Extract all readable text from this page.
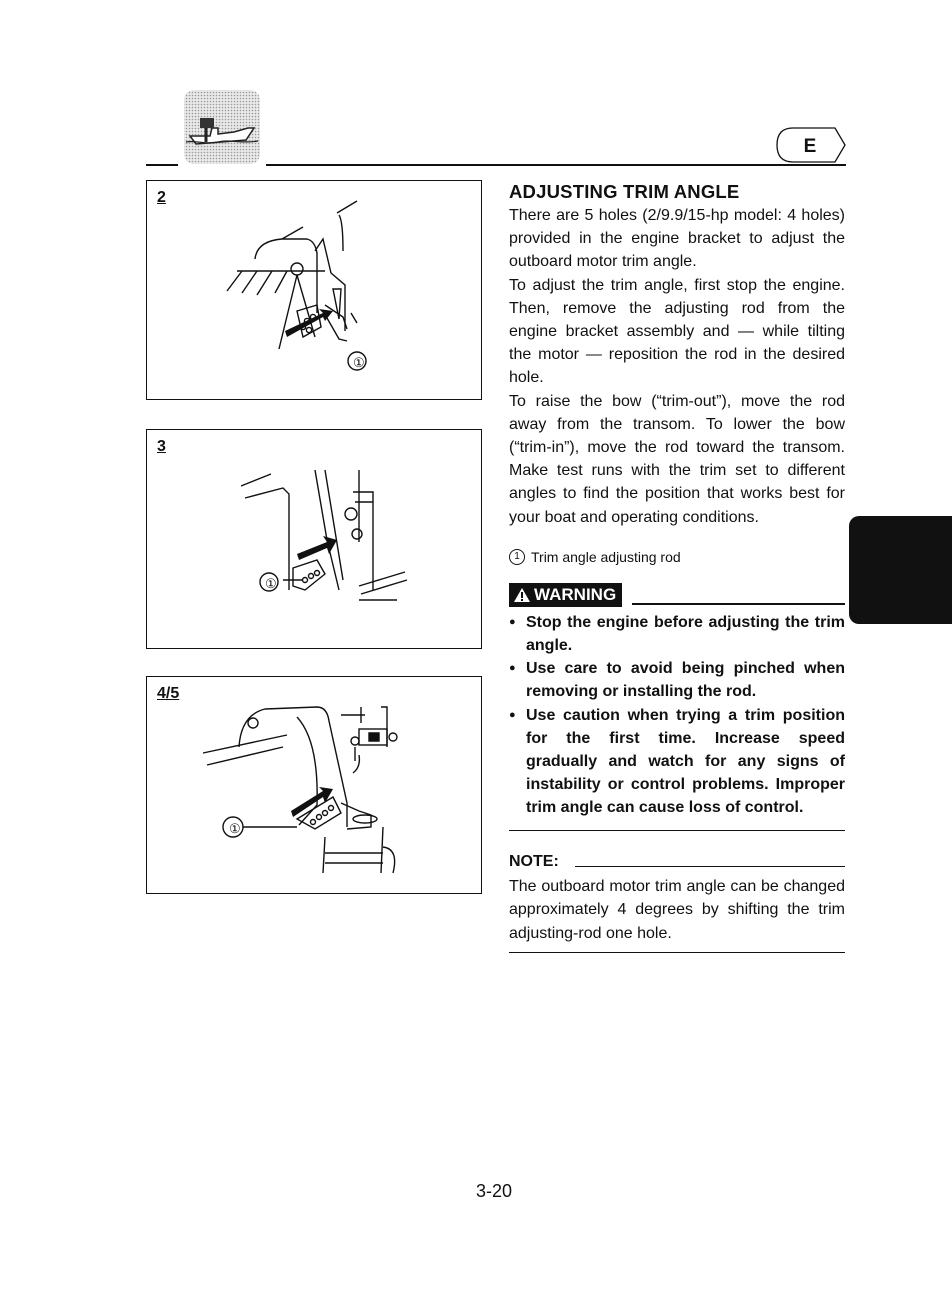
E
2
①
3
①
4/5
①
ADJUSTING TRIM ANGLE

There are 5 holes (2/9.9/15-hp model: 4 holes) provided in the engine bracket to adjust the outboard motor trim angle.

To adjust the trim angle, first stop the engine. Then, remove the adjusting rod from the engine bracket assembly and — while tilting the motor — reposition the rod in the desired hole.

To raise the bow (“trim-out”), move the rod away from the transom. To lower the bow (“trim-in”), move the rod toward the transom. Make test runs with the trim set to different angles to find the position that works best for your boat and operating conditions.

1 Trim angle adjusting rod
WARNING
● Stop the engine before adjusting the trim angle.
● Use care to avoid being pinched when removing or installing the rod.
● Use caution when trying a trim position for the first time. Increase speed gradually and watch for any signs of instability or control problems. Improper trim angle can cause loss of control.
NOTE:

The outboard motor trim angle can be changed approximately 4 degrees by shifting the trim adjusting-rod one hole.

3-20
